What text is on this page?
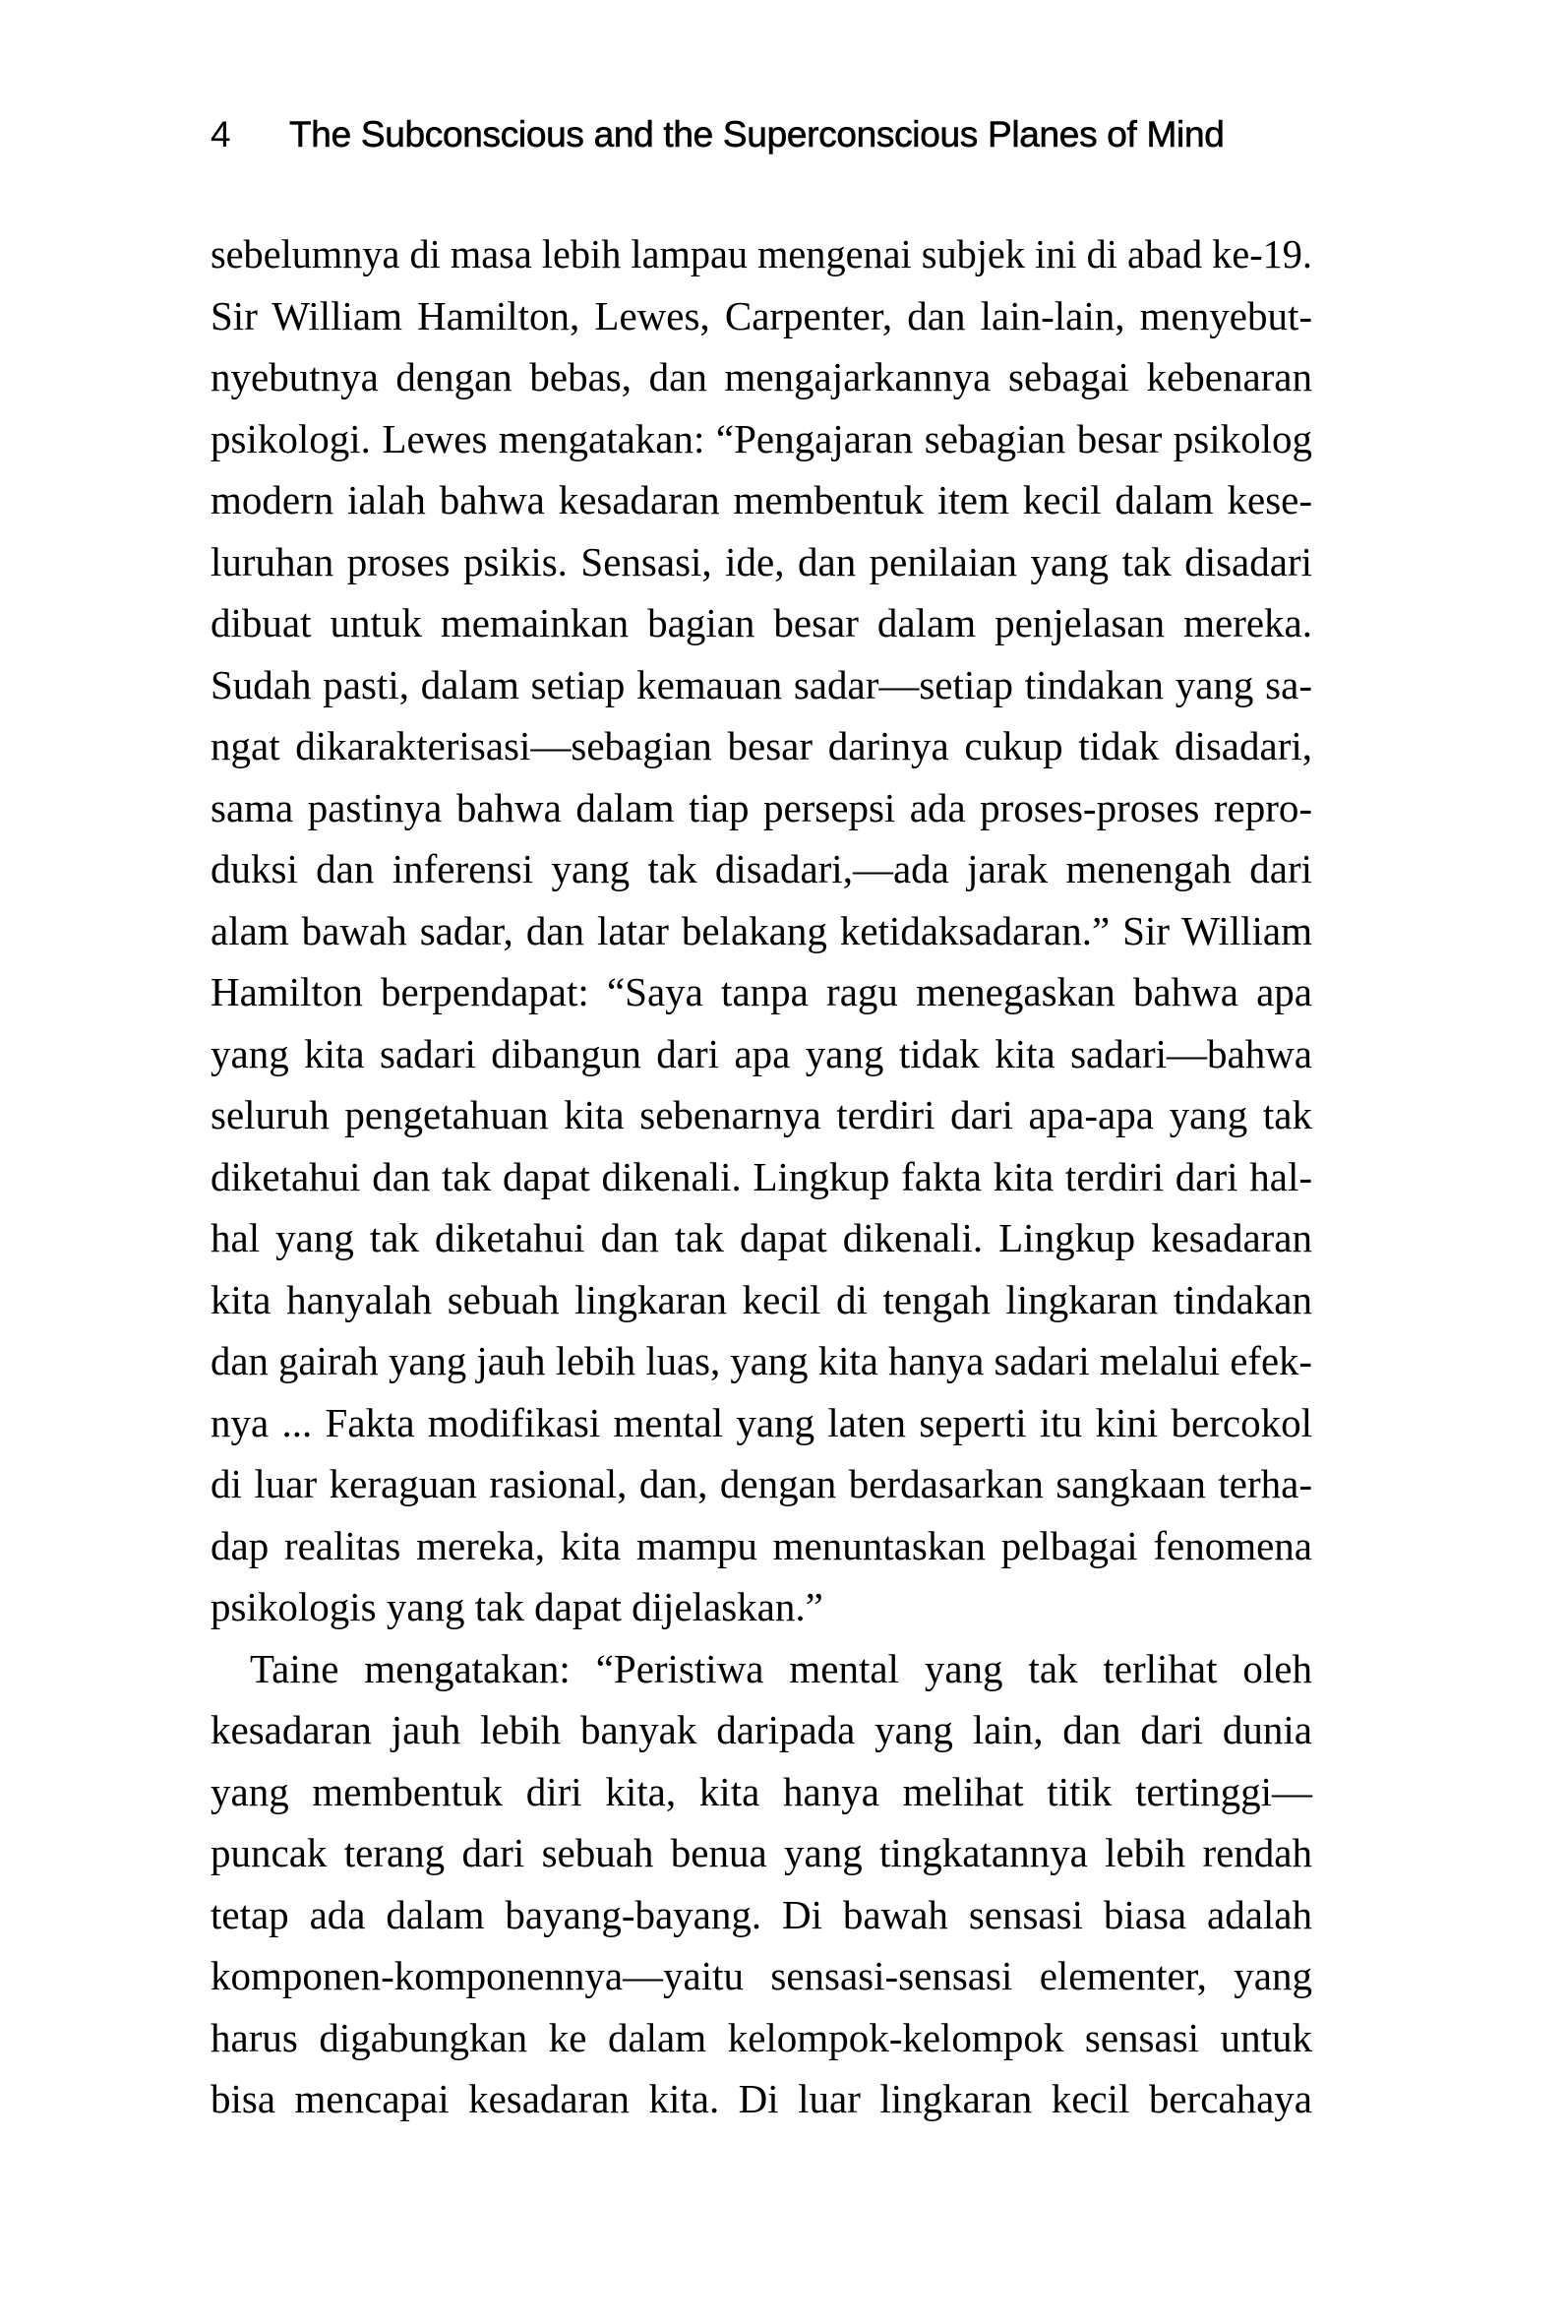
4 The Subconscious and the Superconscious Planes of Mind
sebelumnya di masa lebih lampau mengenai subjek ini di abad ke-19.
Sir William Hamilton, Lewes, Carpenter, dan lain-lain, menyebut-
nyebutnya dengan bebas, dan mengajarkannya sebagai kebenaran
psikologi. Lewes mengatakan: “Pengajaran sebagian besar psikolog
modern ialah bahwa kesadaran membentuk item kecil dalam kese-
luruhan proses psikis. Sensasi, ide, dan penilaian yang tak disadari
dibuat untuk memainkan bagian besar dalam penjelasan mereka.
Sudah pasti, dalam setiap kemauan sadar—setiap tindakan yang sa-
ngat dikarakterisasi—sebagian besar darinya cukup tidak disadari,
sama pastinya bahwa dalam tiap persepsi ada proses-proses repro-
duksi dan inferensi yang tak disadari,—ada jarak menengah dari
alam bawah sadar, dan latar belakang ketidaksadaran.” Sir William
Hamilton berpendapat: “Saya tanpa ragu menegaskan bahwa apa
yang kita sadari dibangun dari apa yang tidak kita sadari—bahwa
seluruh pengetahuan kita sebenarnya terdiri dari apa-apa yang tak
diketahui dan tak dapat dikenali. Lingkup fakta kita terdiri dari hal-
hal yang tak diketahui dan tak dapat dikenali. Lingkup kesadaran
kita hanyalah sebuah lingkaran kecil di tengah lingkaran tindakan
dan gairah yang jauh lebih luas, yang kita hanya sadari melalui efek-
nya ... Fakta modifikasi mental yang laten seperti itu kini bercokol
di luar keraguan rasional, dan, dengan berdasarkan sangkaan terha-
dap realitas mereka, kita mampu menuntaskan pelbagai fenomena
psikologis yang tak dapat dijelaskan.”
Taine mengatakan: “Peristiwa mental yang tak terlihat oleh
kesadaran jauh lebih banyak daripada yang lain, dan dari dunia
yang membentuk diri kita, kita hanya melihat titik tertinggi—
puncak terang dari sebuah benua yang tingkatannya lebih rendah
tetap ada dalam bayang-bayang. Di bawah sensasi biasa adalah
komponen-komponennya—yaitu sensasi-sensasi elementer, yang
harus digabungkan ke dalam kelompok-kelompok sensasi untuk
bisa mencapai kesadaran kita. Di luar lingkaran kecil bercahaya
